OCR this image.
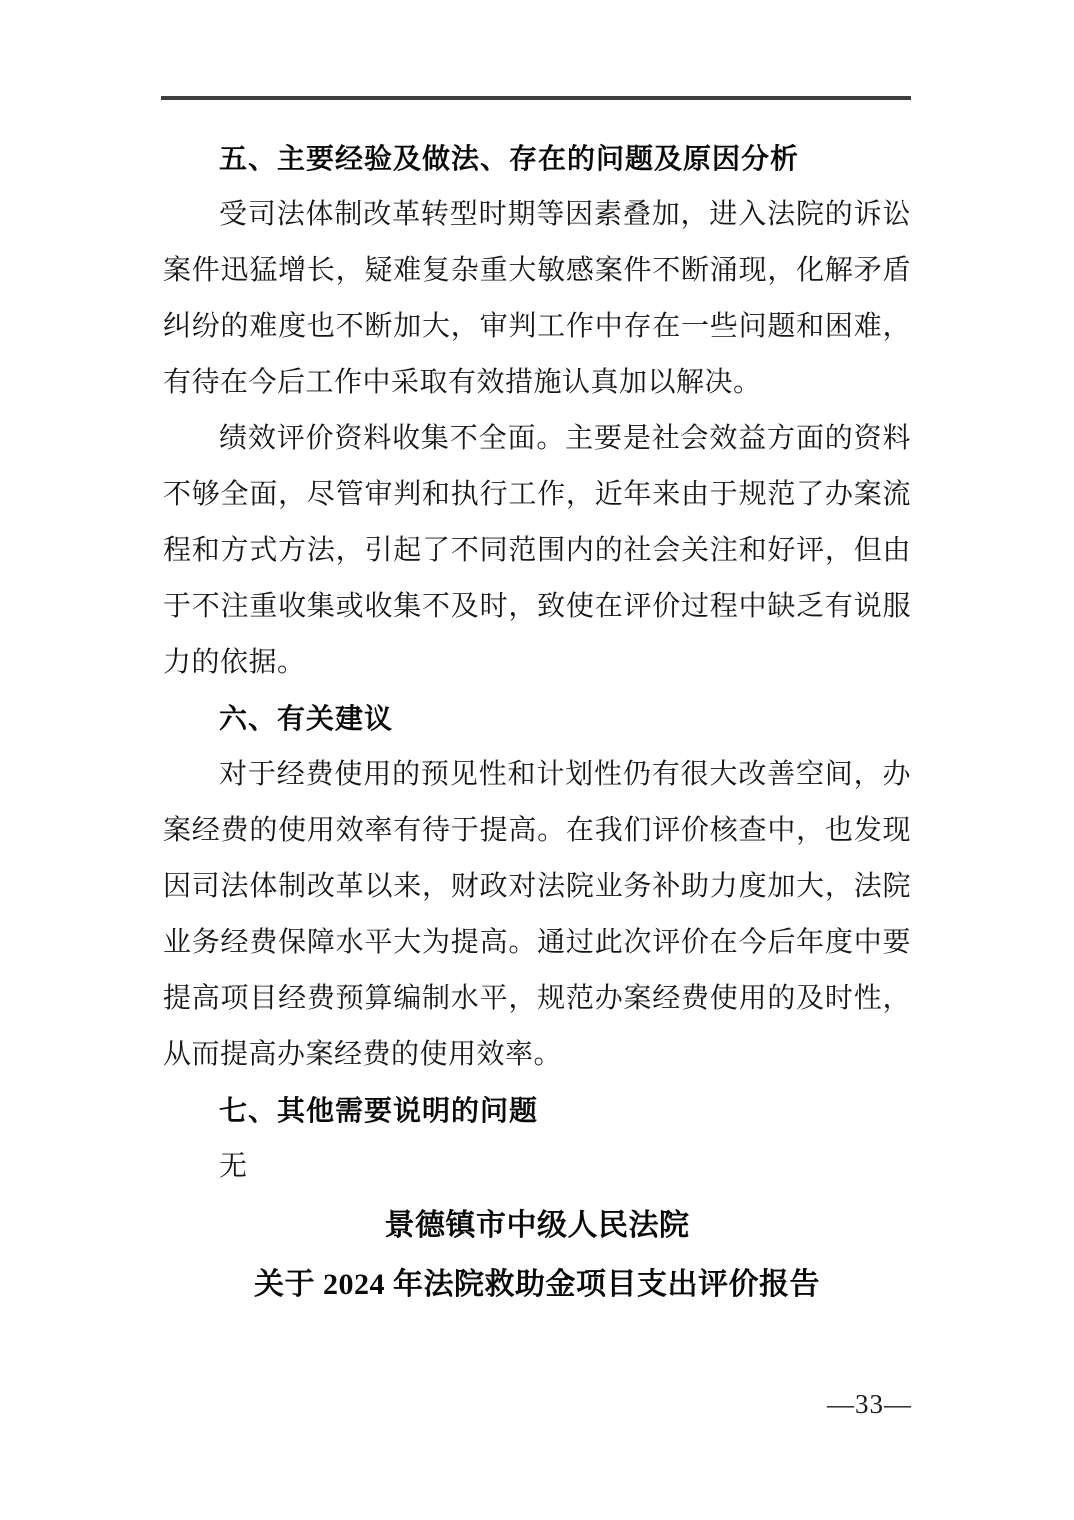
五、主要经验及做法、存在的问题及原因分析
受司法体制改革转型时期等因素叠加，进入法院的诉讼
案件迅猛增长，疑难复杂重大敏感案件不断涌现，化解矛盾
纠纷的难度也不断加大，审判工作中存在一些问题和困难，
有待在今后工作中采取有效措施认真加以解决。
绩效评价资料收集不全面。主要是社会效益方面的资料
不够全面，尽管审判和执行工作，近年来由于规范了办案流
程和方式方法，引起了不同范围内的社会关注和好评，但由
于不注重收集或收集不及时，致使在评价过程中缺乏有说服
力的依据。
六、有关建议
对于经费使用的预见性和计划性仍有很大改善空间，办
案经费的使用效率有待于提高。在我们评价核查中，也发现
因司法体制改革以来，财政对法院业务补助力度加大，法院
业务经费保障水平大为提高。通过此次评价在今后年度中要
提高项目经费预算编制水平，规范办案经费使用的及时性，
从而提高办案经费的使用效率。
七、其他需要说明的问题
无
景德镇市中级人民法院
关于 2024 年法院救助金项目支出评价报告
—33—
